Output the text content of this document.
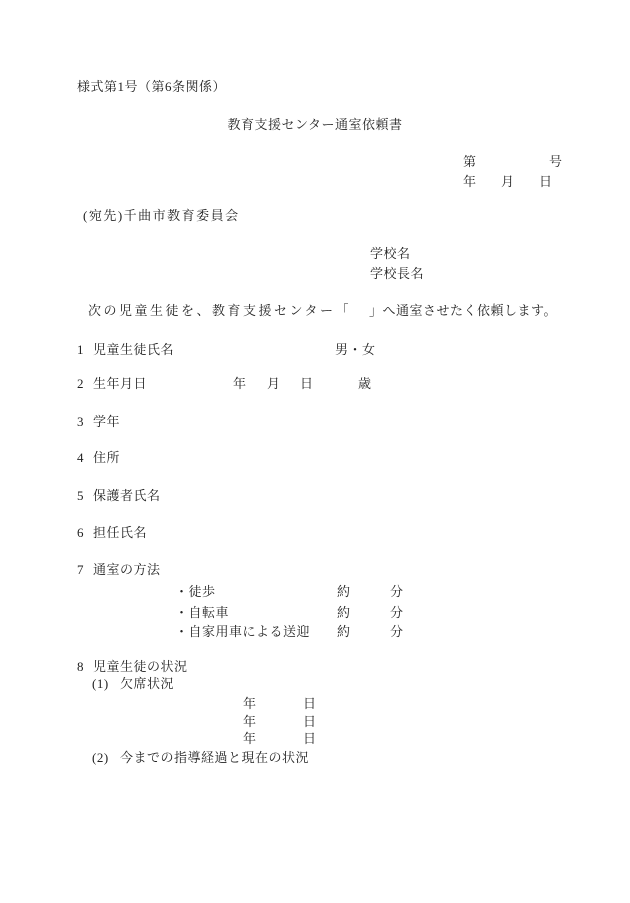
様式第1号（第6条関係）
教育支援センター通室依頼書
第	号
年 月 日
(宛先)千曲市教育委員会
学校名
学校長名
次の児童生徒を、教育支援センター「 」へ通室させたく依頼します。
1 児童生徒氏名	男・女
2 生年月日	年 月 日	歳
3 学年
4 住所
5 保護者氏名
6 担任氏名
7 通室の方法
・徒歩	約	分
・自転車	約	分
・自家用車による送迎 約	分
8 児童生徒の状況
(1) 欠席状況
年	日
年	日
年	日
(2) 今までの指導経過と現在の状況
